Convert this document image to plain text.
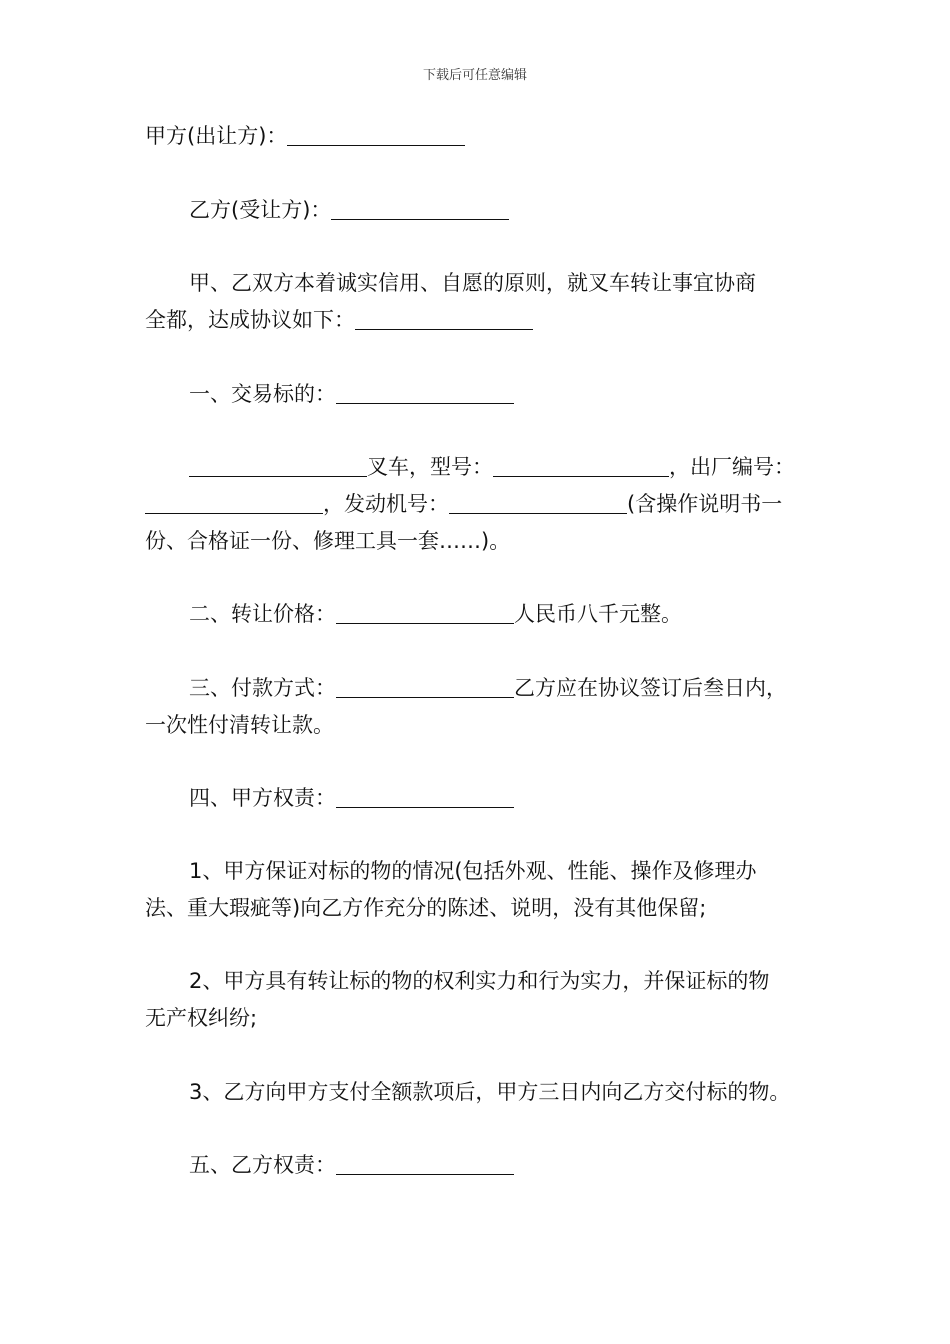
下载后可任意编辑
甲方(出让方)：
乙方(受让方)：
甲、乙双方本着诚实信用、自愿的原则，就叉车转让事宜协商
全都，达成协议如下：
一、交易标的：
叉车，型号：	，出厂编号：
，发动机号：	(含操作说明书一
份、合格证一份、修理工具一套……)。
二、转让价格：	人民币八千元整。
三、付款方式：	乙方应在协议签订后叁日内，
一次性付清转让款。
四、甲方权责：
1、甲方保证对标的物的情况(包括外观、性能、操作及修理办
法、重大瑕疵等)向乙方作充分的陈述、说明，没有其他保留;
2、甲方具有转让标的物的权利实力和行为实力，并保证标的物
无产权纠纷;
3、乙方向甲方支付全额款项后，甲方三日内向乙方交付标的物。
五、乙方权责：
